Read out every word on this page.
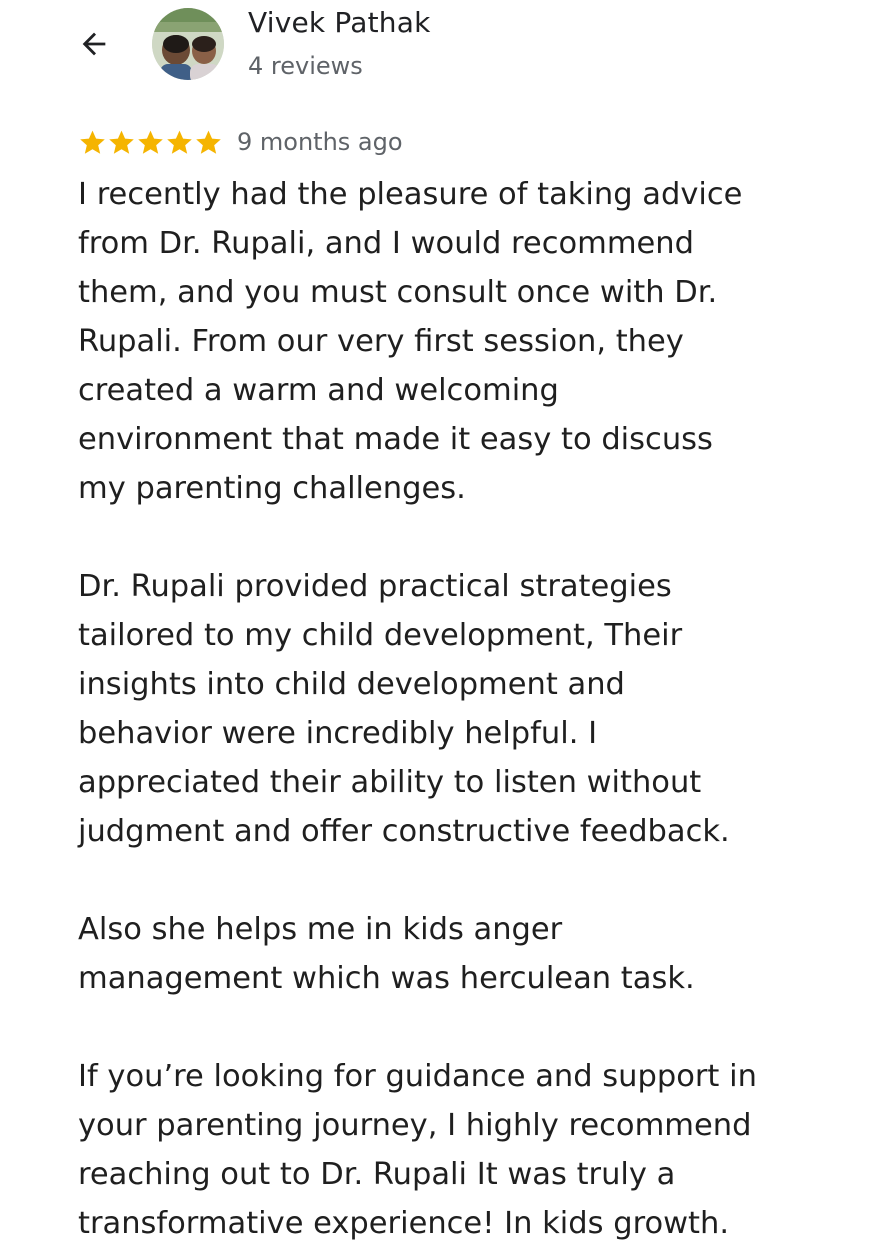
Vivek Pathak
4 reviews
9 months ago

I recently had the pleasure of taking advice
from Dr. Rupali, and I would recommend
them, and you must consult once with Dr.
Rupali. From our very first session, they
created a warm and welcoming
environment that made it easy to discuss
my parenting challenges.

Dr. Rupali provided practical strategies
tailored to my child development, Their
insights into child development and
behavior were incredibly helpful. I
appreciated their ability to listen without
judgment and offer constructive feedback.

Also she helps me in kids anger
management which was herculean task.

If you’re looking for guidance and support in
your parenting journey, I highly recommend
reaching out to Dr. Rupali It was truly a
transformative experience! In kids growth.
